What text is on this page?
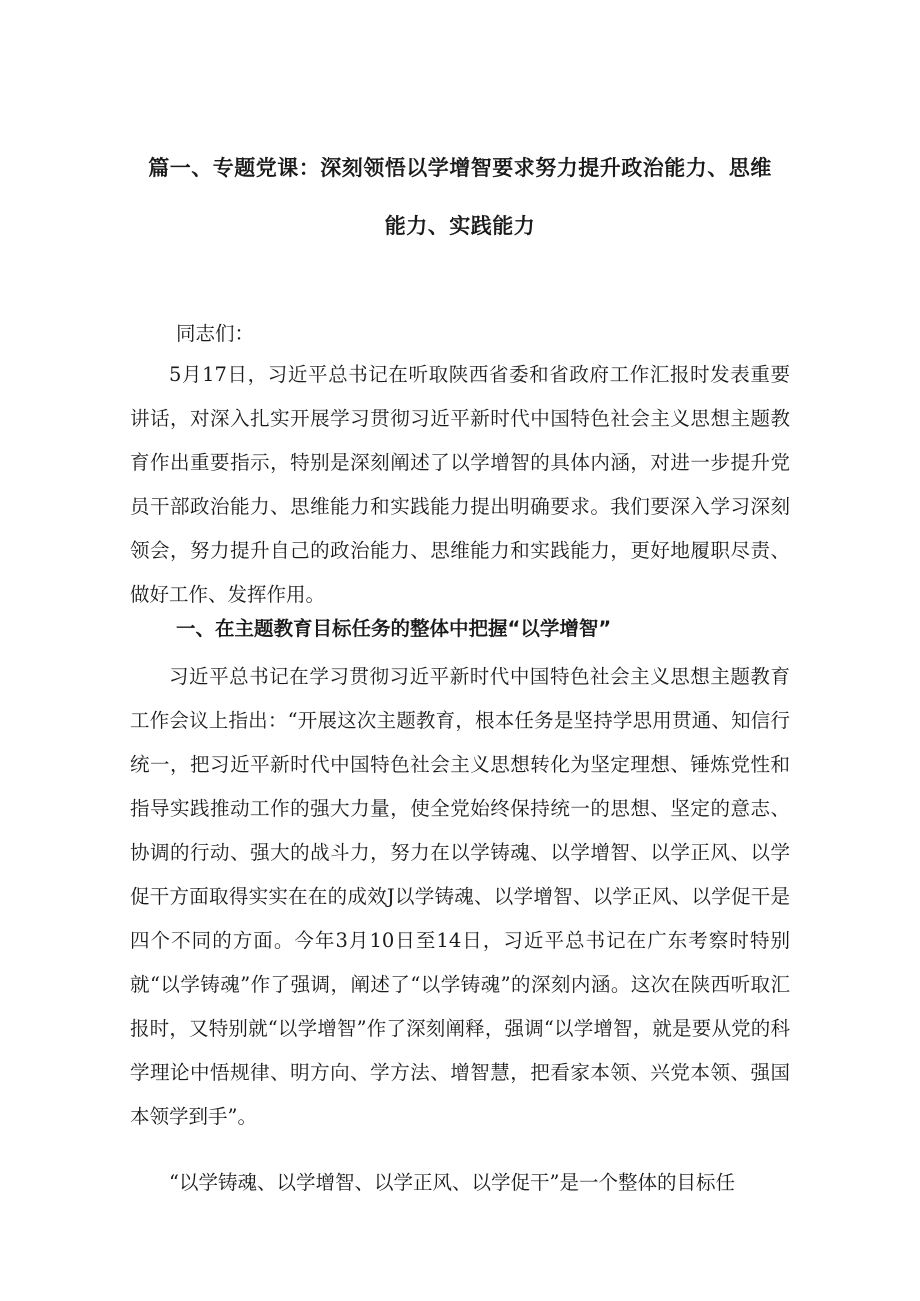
篇一、专题党课：深刻领悟以学增智要求努力提升政治能力、思维
能力、实践能力

同志们：

5月17日，习近平总书记在听取陕西省委和省政府工作汇报时发表重要讲话，对深入扎实开展学习贯彻习近平新时代中国特色社会主义思想主题教育作出重要指示，特别是深刻阐述了以学增智的具体内涵，对进一步提升党员干部政治能力、思维能力和实践能力提出明确要求。我们要深入学习深刻领会，努力提升自己的政治能力、思维能力和实践能力，更好地履职尽责、做好工作、发挥作用。

一、在主题教育目标任务的整体中把握“以学增智”

习近平总书记在学习贯彻习近平新时代中国特色社会主义思想主题教育工作会议上指出：“开展这次主题教育，根本任务是坚持学思用贯通、知信行统一，把习近平新时代中国特色社会主义思想转化为坚定理想、锤炼党性和指导实践推动工作的强大力量，使全党始终保持统一的思想、坚定的意志、协调的行动、强大的战斗力，努力在以学铸魂、以学增智、以学正风、以学促干方面取得实实在在的成效J以学铸魂、以学增智、以学正风、以学促干是四个不同的方面。今年3月10日至14日，习近平总书记在广东考察时特别就“以学铸魂”作了强调，阐述了“以学铸魂”的深刻内涵。这次在陕西听取汇报时，又特别就“以学增智”作了深刻阐释，强调“以学增智，就是要从党的科学理论中悟规律、明方向、学方法、增智慧，把看家本领、兴党本领、强国本领学到手”。

“以学铸魂、以学增智、以学正风、以学促干”是一个整体的目标任
